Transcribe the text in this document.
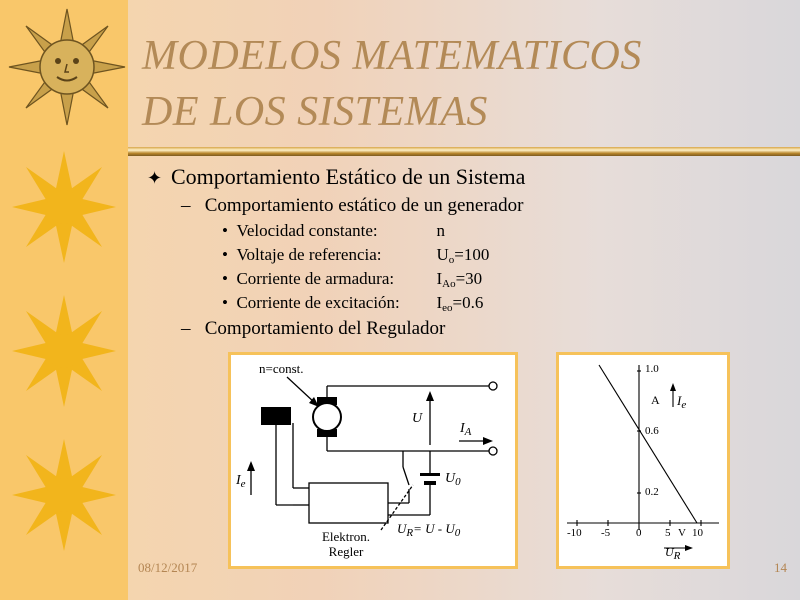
MODELOS MATEMATICOS
DE LOS SISTEMAS
✦ Comportamiento Estático de un Sistema
–   Comportamiento estático de un generador
•  Velocidad constante:	n
•  Voltaje de referencia:	$U_o=100$
•  Corriente de armadura: $I_{Ao}=30$
•  Corriente de excitación: $I_{eo}=0.6$
–   Comportamiento del Regulador
n=const.
U
$I_A$
$I_e$	$U_0$
$U_R= U - U_0$
Elektron.
Regler
1.0
0.6
0.2
A $I_e$
-10 -5 0 5 V 10
UR
08/12/2017	14
